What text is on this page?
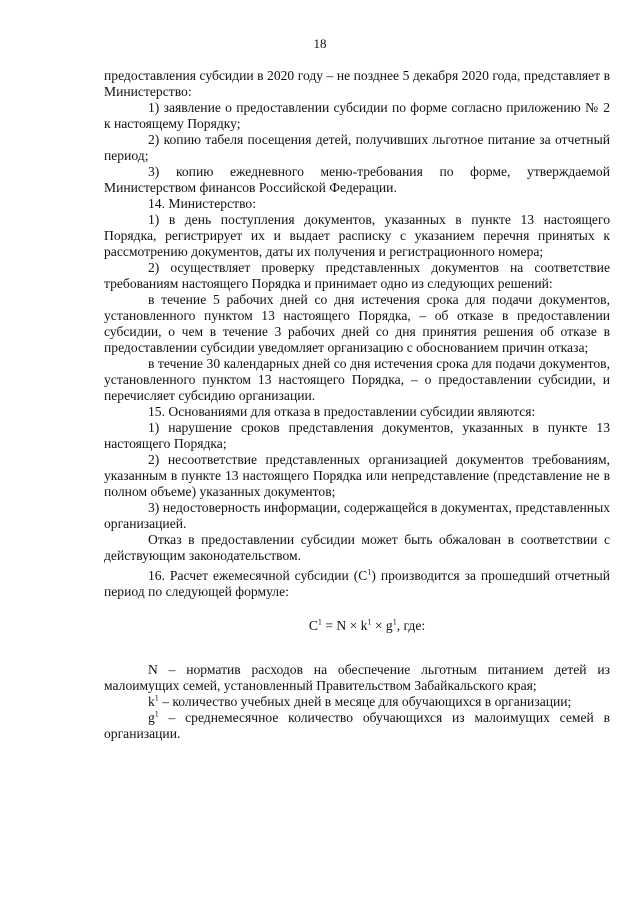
18

предоставления субсидии в 2020 году – не позднее 5 декабря 2020 года, представляет в Министерство:

1) заявление о предоставлении субсидии по форме согласно приложению № 2 к настоящему Порядку;

2) копию табеля посещения детей, получивших льготное питание за отчетный период;

3) копию ежедневного меню-требования по форме, утверждаемой Министерством финансов Российской Федерации.

14. Министерство:

1) в день поступления документов, указанных в пункте 13 настоящего Порядка, регистрирует их и выдает расписку с указанием перечня принятых к рассмотрению документов, даты их получения и регистрационного номера;

2) осуществляет проверку представленных документов на соответствие требованиям настоящего Порядка и принимает одно из следующих решений:

в течение 5 рабочих дней со дня истечения срока для подачи документов, установленного пунктом 13 настоящего Порядка, – об отказе в предоставлении субсидии, о чем в течение 3 рабочих дней со дня принятия решения об отказе в предоставлении субсидии уведомляет организацию с обоснованием причин отказа;

в течение 30 календарных дней со дня истечения срока для подачи документов, установленного пунктом 13 настоящего Порядка, – о предоставлении субсидии, и перечисляет субсидию организации.

15. Основаниями для отказа в предоставлении субсидии являются:

1) нарушение сроков представления документов, указанных в пункте 13 настоящего Порядка;

2) несоответствие представленных организацией документов требованиям, указанным в пункте 13 настоящего Порядка или непредставление (представление не в полном объеме) указанных документов;

3) недостоверность информации, содержащейся в документах, представленных организацией.

Отказ в предоставлении субсидии может быть обжалован в соответствии с действующим законодательством.

16. Расчет ежемесячной субсидии $(C^1)$ производится за прошедший отчетный период по следующей формуле:

$C^1 = N \times k^1 \times g^1$, где:

N – норматив расходов на обеспечение льготным питанием детей из малоимущих семей, установленный Правительством Забайкальского края;

$k^1$ – количество учебных дней в месяце для обучающихся в организации;

$g^1$ – среднемесячное количество обучающихся из малоимущих семей в организации.
